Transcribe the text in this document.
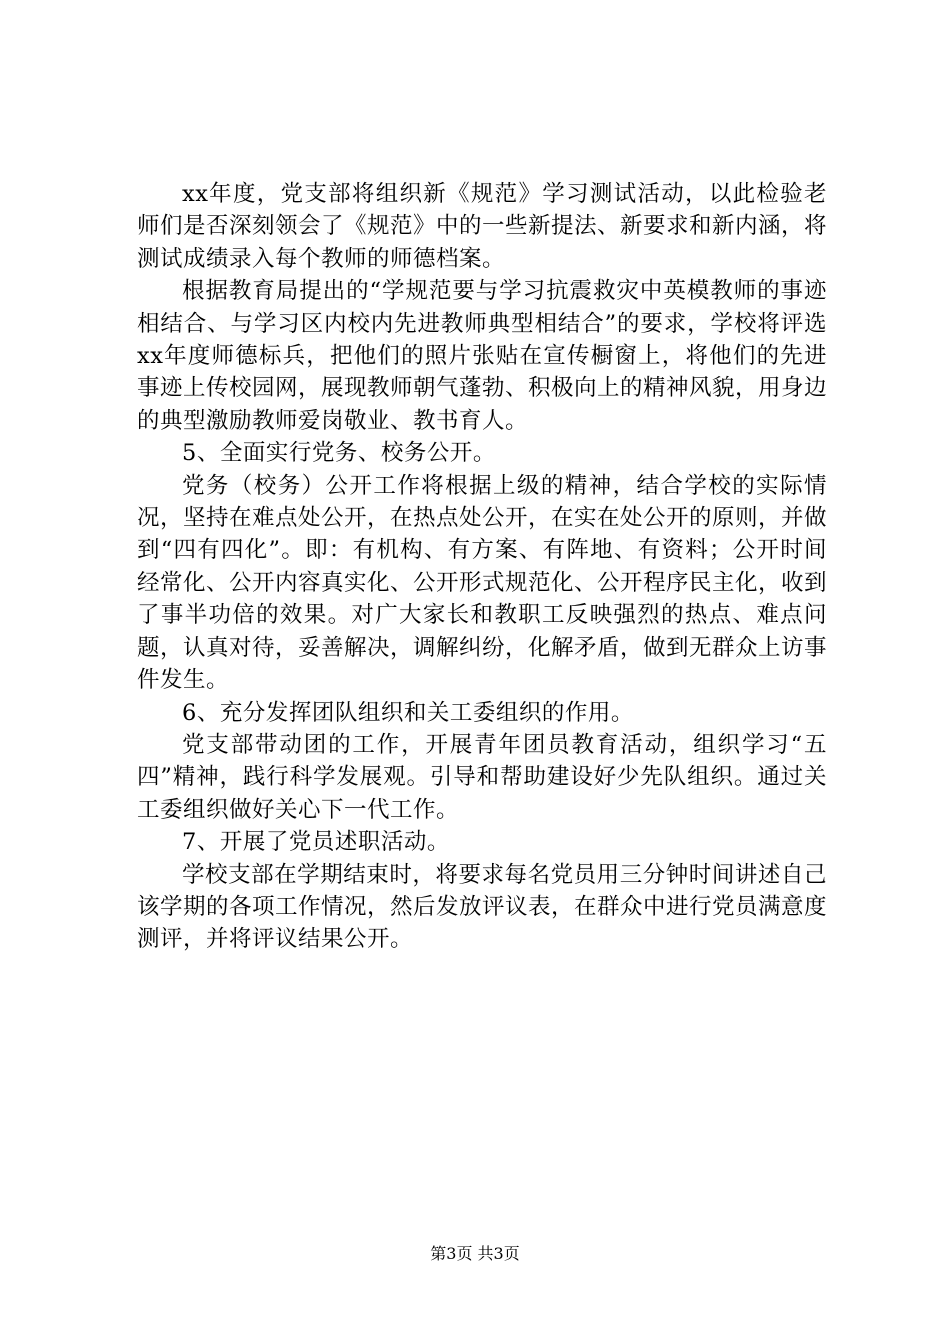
xx年度，党支部将组织新《规范》学习测试活动，以此检验老师们是否深刻领会了《规范》中的一些新提法、新要求和新内涵，将测试成绩录入每个教师的师德档案。

根据教育局提出的“学规范要与学习抗震救灾中英模教师的事迹相结合、与学习区内校内先进教师典型相结合”的要求，学校将评选xx年度师德标兵，把他们的照片张贴在宣传橱窗上，将他们的先进事迹上传校园网，展现教师朝气蓬勃、积极向上的精神风貌，用身边的典型激励教师爱岗敬业、教书育人。

5、全面实行党务、校务公开。

党务（校务）公开工作将根据上级的精神，结合学校的实际情况，坚持在难点处公开，在热点处公开，在实在处公开的原则，并做到“四有四化”。即：有机构、有方案、有阵地、有资料；公开时间经常化、公开内容真实化、公开形式规范化、公开程序民主化，收到了事半功倍的效果。对广大家长和教职工反映强烈的热点、难点问题，认真对待，妥善解决，调解纠纷，化解矛盾，做到无群众上访事件发生。

6、充分发挥团队组织和关工委组织的作用。

党支部带动团的工作，开展青年团员教育活动，组织学习“五四”精神，践行科学发展观。引导和帮助建设好少先队组织。通过关工委组织做好关心下一代工作。

7、开展了党员述职活动。

学校支部在学期结束时，将要求每名党员用三分钟时间讲述自己该学期的各项工作情况，然后发放评议表，在群众中进行党员满意度测评，并将评议结果公开。

第3页 共3页
